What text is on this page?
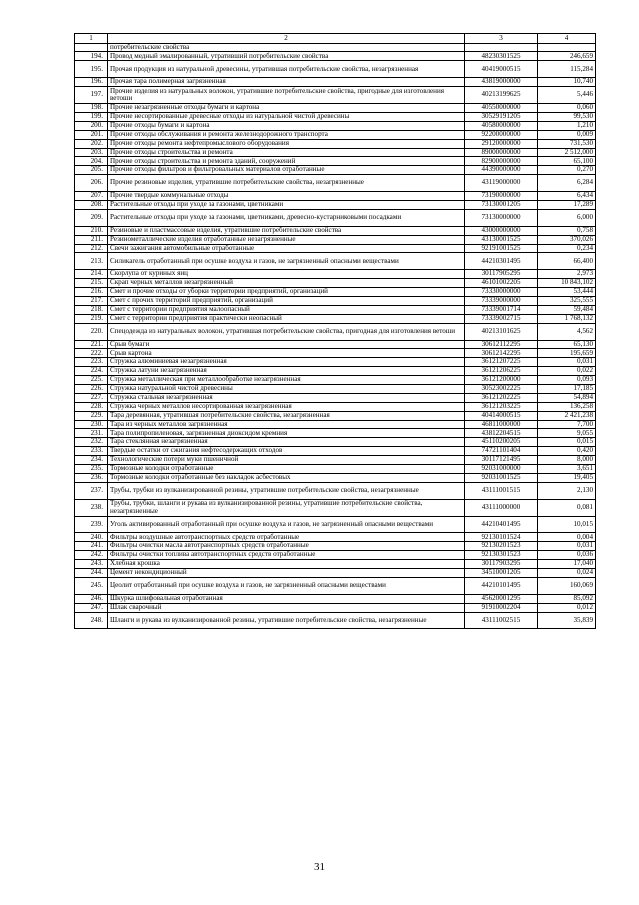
1	2	3	4
	потребительские свойства		
194.	Провод медный эмалированный, утративший потребительские свойства	48230301525	246,659
195.	Прочая продукция из натуральной древесины, утратившая потребительские свойства, незагрязненная	40419000515	115,284
196.	Прочая тара полимерная загрязненная	43819000000	10,740
197.	Прочие изделия из натуральных волокон, утратившие потребительские свойства, пригодные для изготовления ветоши	40213199625	5,446
198.	Прочие незагрязненные отходы бумаги и картона	40550000000	0,060
199.	Прочие несортированные древесные отходы из натуральной чистой древесины	30529191205	99,530
200.	Прочие отходы бумаги и картона	40580000000	1,210
201.	Прочие отходы обслуживания и ремонта железнодорожного транспорта	92200000000	0,009
202.	Прочие отходы ремонта нефтепромыслового оборудования	29120000000	731,530
203.	Прочие отходы строительства и ремонта	89000000000	2 512,000
204.	Прочие отходы строительства и ремонта зданий, сооружений	82900000000	65,100
205.	Прочие отходы фильтров и фильтровальных материалов отработанные	44390000000	0,270
206.	Прочие резиновые изделия, утратившие потребительские свойства, незагрязненные	43119000000	6,284
207.	Прочие твердые коммунальные отходы	73190000000	6,434
208.	Растительные отходы при уходе за газонами, цветниками	73130001205	17,289
209.	Растительные отходы при уходе за газонами, цветниками, древесно-кустарниковыми посадками	73130000000	6,000
210.	Резиновые и пластмассовые изделия, утратившие потребительские свойства	43000000000	0,758
211.	Резинометаллические изделия отработанные незагрязненные	43130001525	370,026
212.	Свечи зажигания автомобильные отработанные	92191001525	0,234
213.	Силикагель отработанный при осушке воздуха и газов, не загрязненный опасными веществами	44210301495	66,400
214.	Скорлупа от куриных яиц	30117905295	2,973
215.	Скрап черных металлов незагрязненный	46101002205	10 843,102
216.	Смет и прочие отходы от уборки территории предприятий, организаций	73330000000	53,444
217.	Смет с прочих территорий предприятий, организаций	73339000000	325,555
218.	Смет с территории предприятия малоопасный	73339001714	59,484
219.	Смет с территории предприятия практически неопасный	73339002715	1 768,132
220.	Спецодежда из натуральных волокон, утратившая потребительские свойства, пригодная для изготовления ветоши	40213101625	4,562
221.	Срыв бумаги	30612112295	65,130
222.	Срыв картона	30612142295	195,659
223.	Стружка алюминиевая незагрязненная	36121207225	0,031
224.	Стружка латуни незагрязненная	36121206225	0,022
225.	Стружка металлическая при металлообработке незагрязненная	36121200000	0,093
226.	Стружка натуральной чистой древесины	30523002225	17,185
227.	Стружка стальная незагрязненная	36121202225	54,894
228.	Стружка черных металлов несортированная незагрязненная	36121203225	136,258
229.	Тара деревянная, утратившая потребительские свойства, незагрязненная	40414000515	2 421,238
230.	Тара из черных металлов загрязненная	46811000000	7,700
231.	Тара полипропиленовая, загрязненная диоксидом кремния	43812204515	9,055
232.	Тара стеклянная незагрязненная	45110200205	0,015
233.	Твердые остатки от сжигания нефтесодержащих отходов	74721101404	0,420
234.	Технологические потери муки пшеничной	30117121495	8,000
235.	Тормозные колодки отработанные	92031000000	3,651
236.	Тормозные колодки отработанные без накладок асбестовых	92031001525	19,405
237.	Трубы, трубки из вулканизированной резины, утратившие потребительские свойства, незагрязненные	43111001515	2,130
238.	Трубы, трубки, шланги и рукава из вулканизированной резины, утратившие потребительские свойства, незагрязненные	43111000000	0,081
239.	Уголь активированный отработанный при осушке воздуха и газов, не загрязненный опасными веществами	44210401495	10,015
240.	Фильтры воздушные автотранспортных средств отработанные	92130101524	0,004
241.	Фильтры очистки масла автотранспортных средств отработанные	92130201523	0,031
242.	Фильтры очистки топлива автотранспортных средств отработанные	92130301523	0,036
243.	Хлебная крошка	30117903295	17,040
244.	Цемент некондиционный	34510001205	0,024
245.	Цеолит отработанный при осушке воздуха и газов, не загрязненный опасными веществами	44210101495	160,069
246.	Шкурка шлифовальная отработанная	45620001295	85,092
247.	Шлак сварочный	91910002204	0,012
248.	Шланги и рукава из вулканизированной резины, утратившие потребительские свойства, незагрязненные	43111002515	35,839
31
